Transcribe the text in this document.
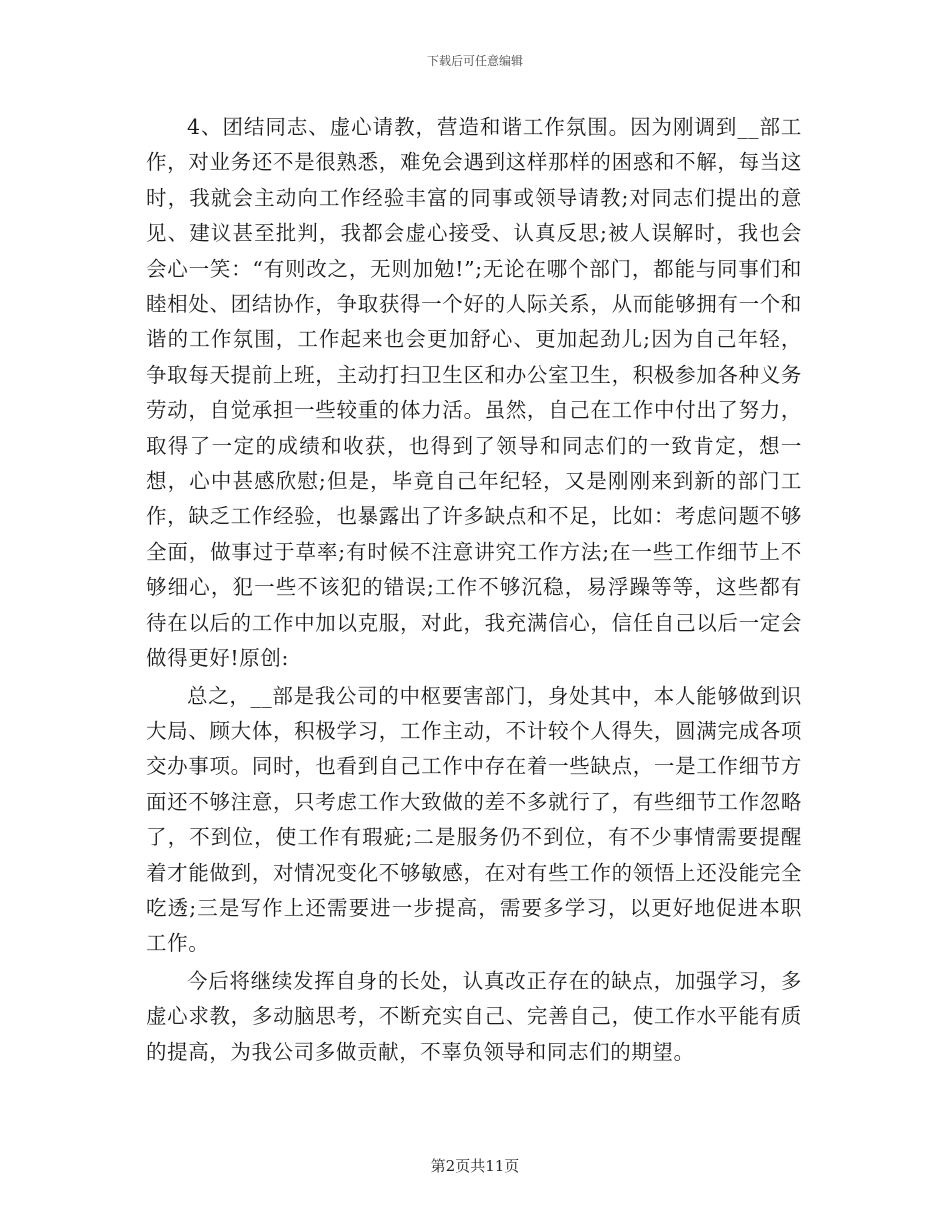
下载后可任意编辑

4、团结同志、虚心请教，营造和谐工作氛围。因为刚调到__部工作，对业务还不是很熟悉，难免会遇到这样那样的困惑和不解，每当这时，我就会主动向工作经验丰富的同事或领导请教;对同志们提出的意见、建议甚至批判，我都会虚心接受、认真反思;被人误解时，我也会会心一笑：“有则改之，无则加勉!”;无论在哪个部门，都能与同事们和睦相处、团结协作，争取获得一个好的人际关系，从而能够拥有一个和谐的工作氛围，工作起来也会更加舒心、更加起劲儿;因为自己年轻，争取每天提前上班，主动打扫卫生区和办公室卫生，积极参加各种义务劳动，自觉承担一些较重的体力活。虽然，自己在工作中付出了努力，取得了一定的成绩和收获，也得到了领导和同志们的一致肯定，想一想，心中甚感欣慰;但是，毕竟自己年纪轻，又是刚刚来到新的部门工作，缺乏工作经验，也暴露出了许多缺点和不足，比如：考虑问题不够全面，做事过于草率;有时候不注意讲究工作方法;在一些工作细节上不够细心，犯一些不该犯的错误;工作不够沉稳，易浮躁等等，这些都有待在以后的工作中加以克服，对此，我充满信心，信任自己以后一定会做得更好!原创:

总之，__部是我公司的中枢要害部门，身处其中，本人能够做到识大局、顾大体，积极学习，工作主动，不计较个人得失，圆满完成各项交办事项。同时，也看到自己工作中存在着一些缺点，一是工作细节方面还不够注意，只考虑工作大致做的差不多就行了，有些细节工作忽略了，不到位，使工作有瑕疵;二是服务仍不到位，有不少事情需要提醒着才能做到，对情况变化不够敏感，在对有些工作的领悟上还没能完全吃透;三是写作上还需要进一步提高，需要多学习，以更好地促进本职工作。

今后将继续发挥自身的长处，认真改正存在的缺点，加强学习，多虚心求教，多动脑思考，不断充实自己、完善自己，使工作水平能有质的提高，为我公司多做贡献，不辜负领导和同志们的期望。

第2页共11页
